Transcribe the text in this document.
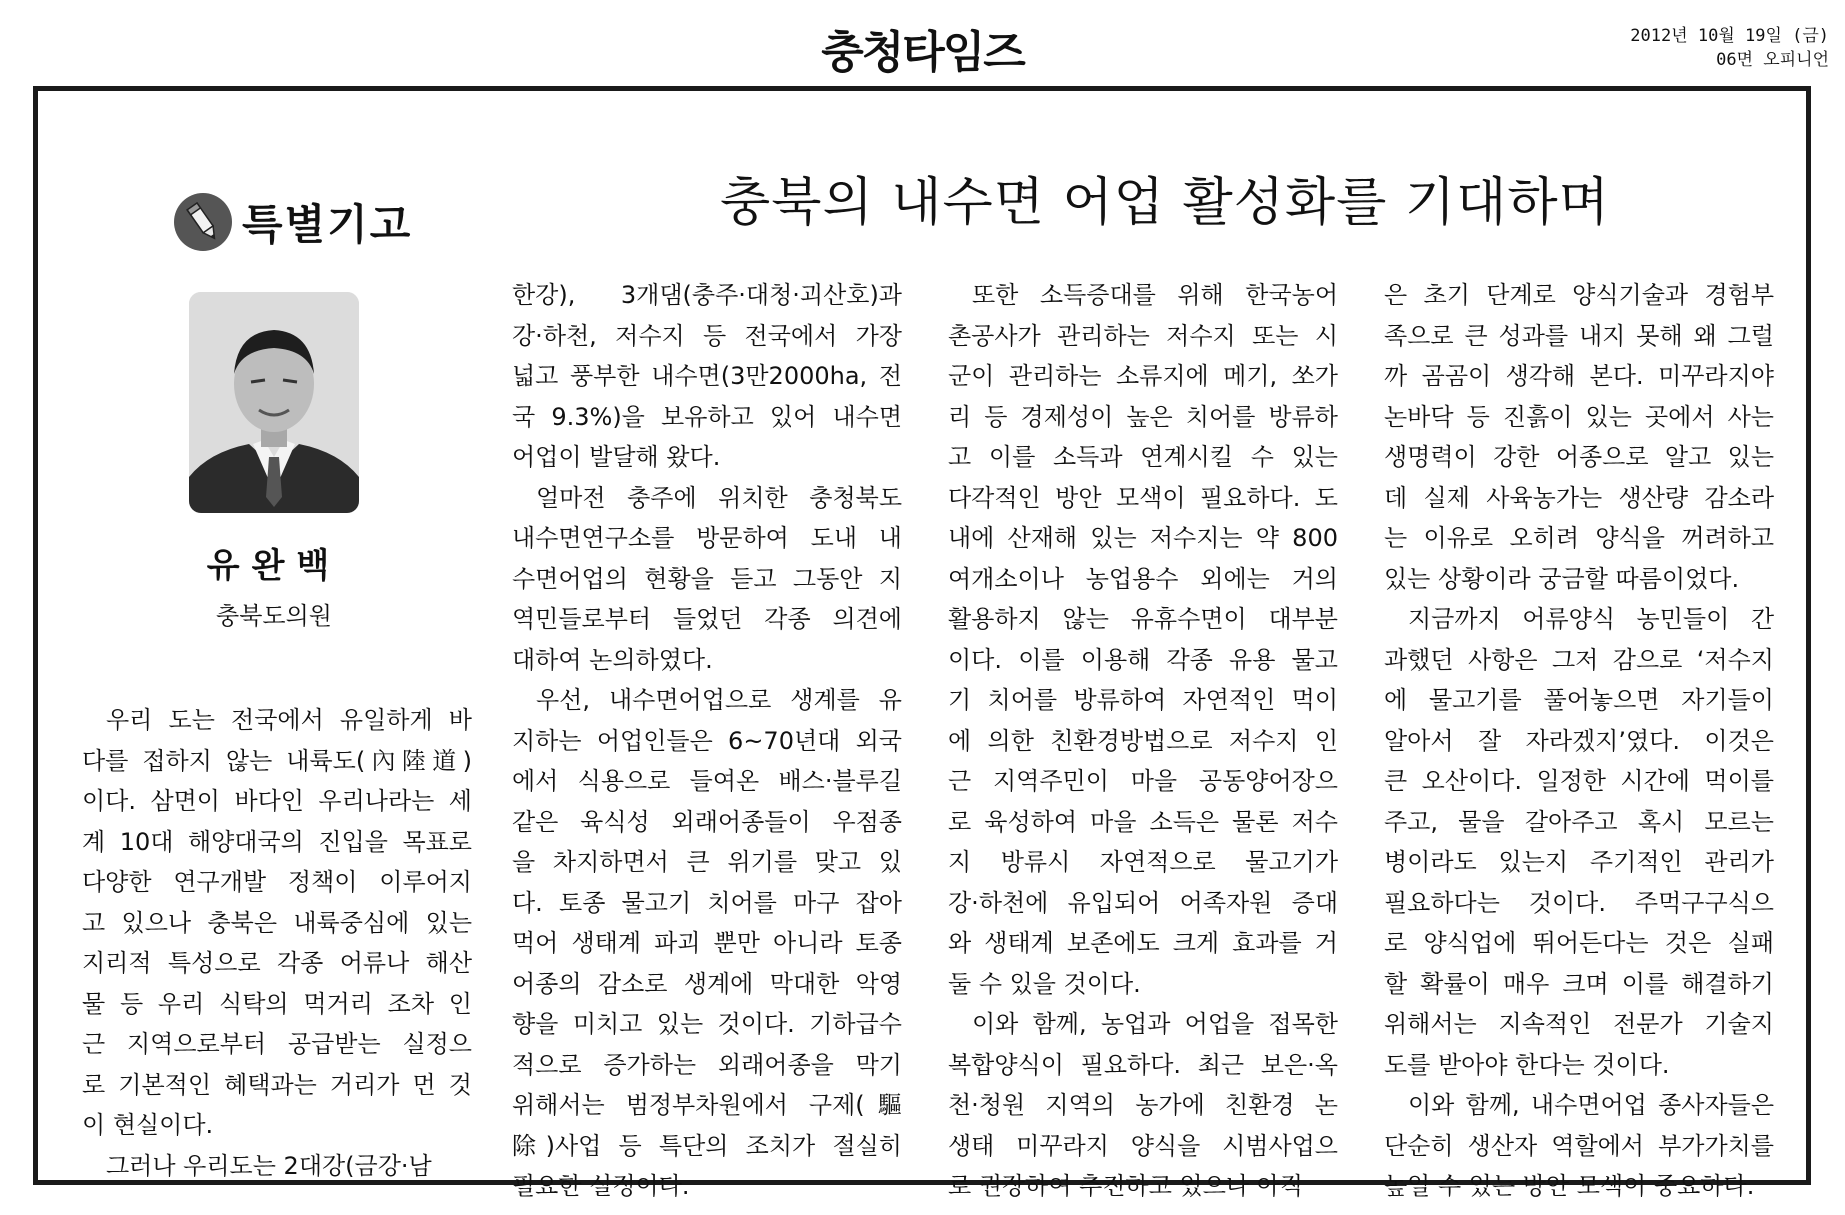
충청타임즈	2012년 10월 19일 (금)
06면 오피니언
충북의 내수면 어업 활성화를 기대하며
특별기고
유완백
충북도의원

우리 도는 전국에서 유일하게 바
다를 접하지 않는 내륙도(內陸道)
이다. 삼면이 바다인 우리나라는 세
계 10대 해양대국의 진입을 목표로
다양한 연구개발 정책이 이루어지
고 있으나 충북은 내륙중심에 있는
지리적 특성으로 각종 어류나 해산
물 등 우리 식탁의 먹거리 조차 인
근 지역으로부터 공급받는 실정으
로 기본적인 혜택과는 거리가 먼 것
이 현실이다.

그러나 우리도는 2대강(금강·남

한강), 3개댐(충주·대청·괴산호)과
강·하천, 저수지 등 전국에서 가장
넓고 풍부한 내수면(3만2000ha, 전
국 9.3%)을 보유하고 있어 내수면
어업이 발달해 왔다.

얼마전 충주에 위치한 충청북도
내수면연구소를 방문하여 도내 내
수면어업의 현황을 듣고 그동안 지
역민들로부터 들었던 각종 의견에
대하여 논의하였다.

우선, 내수면어업으로 생계를 유
지하는 어업인들은 6~70년대 외국
에서 식용으로 들여온 배스·블루길
같은 육식성 외래어종들이 우점종
을 차지하면서 큰 위기를 맞고 있
다. 토종 물고기 치어를 마구 잡아
먹어 생태계 파괴 뿐만 아니라 토종
어종의 감소로 생계에 막대한 악영
향을 미치고 있는 것이다. 기하급수
적으로 증가하는 외래어종을 막기
위해서는 범정부차원에서 구제(驅
除)사업 등 특단의 조치가 절실히
필요한 실정이다.

또한 소득증대를 위해 한국농어
촌공사가 관리하는 저수지 또는 시
군이 관리하는 소류지에 메기, 쏘가
리 등 경제성이 높은 치어를 방류하
고 이를 소득과 연계시킬 수 있는
다각적인 방안 모색이 필요하다. 도
내에 산재해 있는 저수지는 약 800
여개소이나 농업용수 외에는 거의
활용하지 않는 유휴수면이 대부분
이다. 이를 이용해 각종 유용 물고
기 치어를 방류하여 자연적인 먹이
에 의한 친환경방법으로 저수지 인
근 지역주민이 마을 공동양어장으
로 육성하여 마을 소득은 물론 저수
지 방류시 자연적으로 물고기가
강·하천에 유입되어 어족자원 증대
와 생태계 보존에도 크게 효과를 거
둘 수 있을 것이다.

이와 함께, 농업과 어업을 접목한
복합양식이 필요하다. 최근 보은·옥
천·청원 지역의 농가에 친환경 논
생태 미꾸라지 양식을 시범사업으
로 권장하여 추진하고 있으나 아직

은 초기 단계로 양식기술과 경험부
족으로 큰 성과를 내지 못해 왜 그럴
까 곰곰이 생각해 본다. 미꾸라지야
논바닥 등 진흙이 있는 곳에서 사는
생명력이 강한 어종으로 알고 있는
데 실제 사육농가는 생산량 감소라
는 이유로 오히려 양식을 꺼려하고
있는 상황이라 궁금할 따름이었다.

지금까지 어류양식 농민들이 간
과했던 사항은 그저 감으로 ‘저수지
에 물고기를 풀어놓으면 자기들이
알아서 잘 자라겠지’였다. 이것은
큰 오산이다. 일정한 시간에 먹이를
주고, 물을 갈아주고 혹시 모르는
병이라도 있는지 주기적인 관리가
필요하다는 것이다. 주먹구구식으
로 양식업에 뛰어든다는 것은 실패
할 확률이 매우 크며 이를 해결하기
위해서는 지속적인 전문가 기술지
도를 받아야 한다는 것이다.

이와 함께, 내수면어업 종사자들은
단순히 생산자 역할에서 부가가치를
높일 수 있는 방안 모색이 중요하다.
